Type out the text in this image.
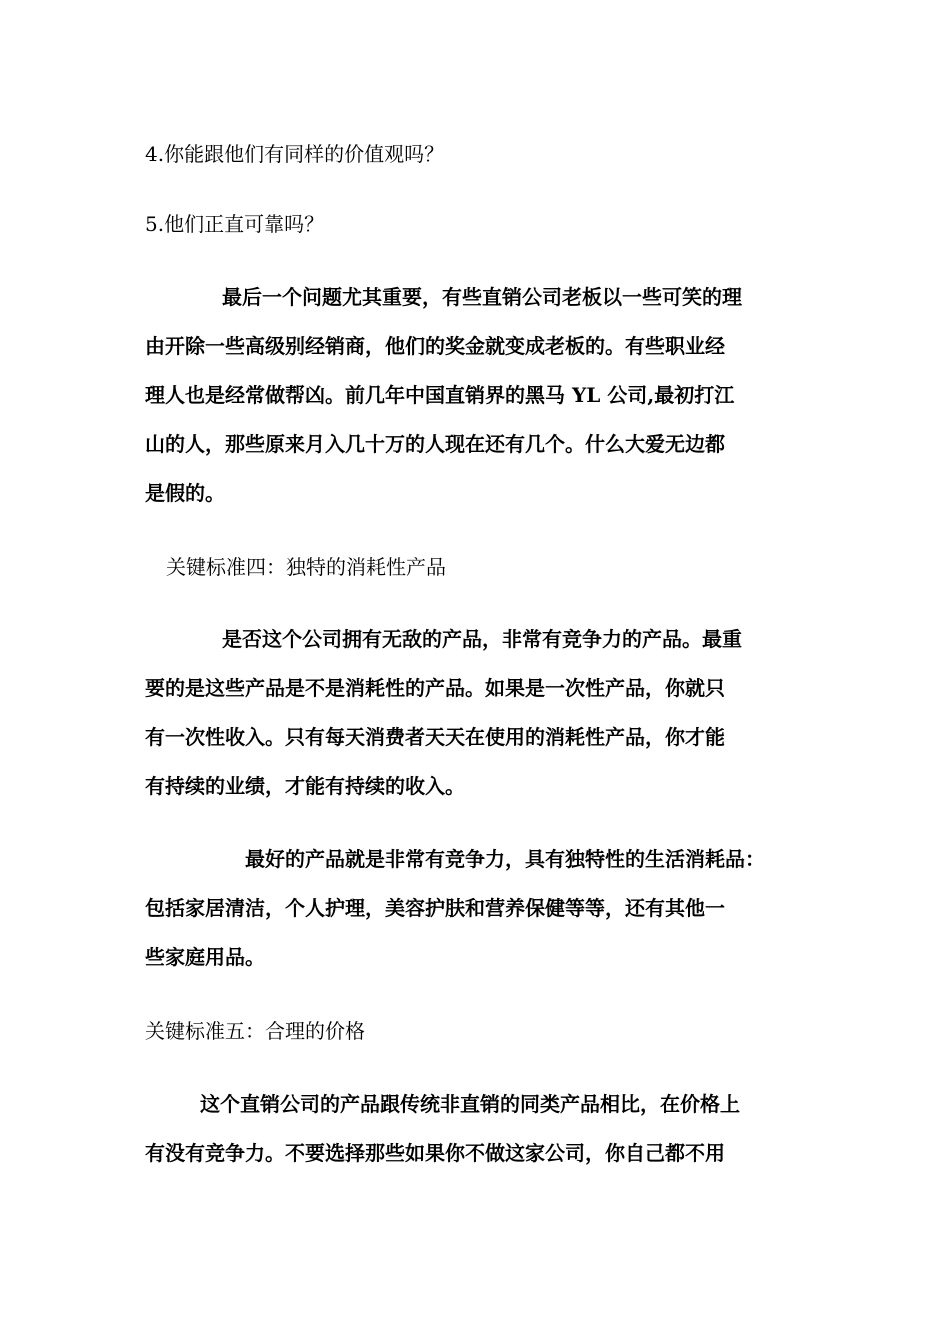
4.你能跟他们有同样的价值观吗？
5.他们正直可靠吗？
最后一个问题尤其重要，有些直销公司老板以一些可笑的理
由开除一些高级别经销商，他们的奖金就变成老板的。有些职业经
理人也是经常做帮凶。前几年中国直销界的黑马 YL 公司,最初打江
山的人，那些原来月入几十万的人现在还有几个。什么大爱无边都
是假的。
关键标准四：独特的消耗性产品
是否这个公司拥有无敌的产品，非常有竞争力的产品。最重
要的是这些产品是不是消耗性的产品。如果是一次性产品，你就只
有一次性收入。只有每天消费者天天在使用的消耗性产品，你才能
有持续的业绩，才能有持续的收入。
最好的产品就是非常有竞争力，具有独特性的生活消耗品：
包括家居清洁，个人护理，美容护肤和营养保健等等，还有其他一
些家庭用品。
关键标准五：合理的价格
这个直销公司的产品跟传统非直销的同类产品相比，在价格上
有没有竞争力。不要选择那些如果你不做这家公司，你自己都不用
